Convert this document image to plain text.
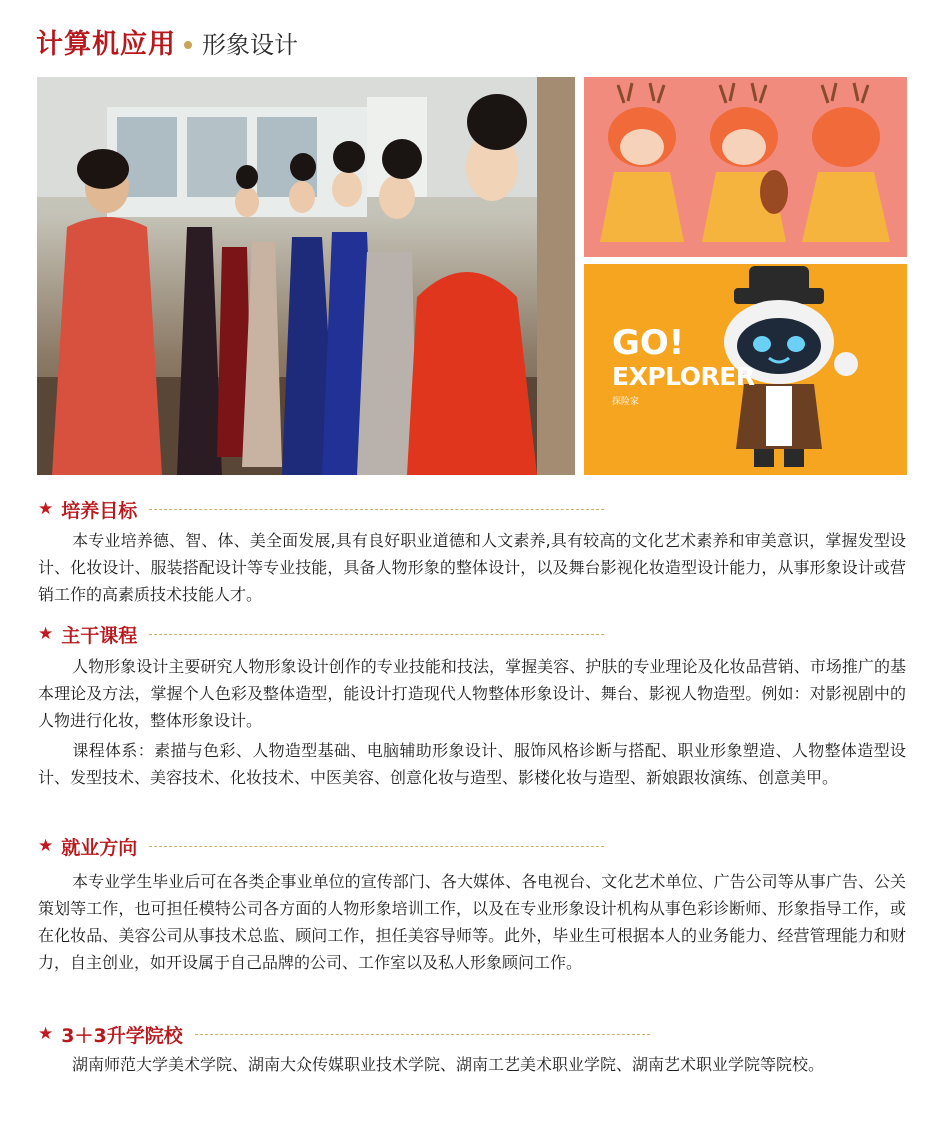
计算机应用 形象设计
GO!
EXPLORER
探险家
★ 培养目标

本专业培养德、智、体、美全面发展,具有良好职业道德和人文素养,具有较高的文化艺术素养和审美意识，掌握发型设计、化妆设计、服装搭配设计等专业技能，具备人物形象的整体设计，以及舞台影视化妆造型设计能力，从事形象设计或营销工作的高素质技术技能人才。

★ 主干课程

人物形象设计主要研究人物形象设计创作的专业技能和技法，掌握美容、护肤的专业理论及化妆品营销、市场推广的基本理论及方法，掌握个人色彩及整体造型，能设计打造现代人物整体形象设计、舞台、影视人物造型。例如：对影视剧中的人物进行化妆，整体形象设计。

课程体系：素描与色彩、人物造型基础、电脑辅助形象设计、服饰风格诊断与搭配、职业形象塑造、人物整体造型设计、发型技术、美容技术、化妆技术、中医美容、创意化妆与造型、影楼化妆与造型、新娘跟妆演练、创意美甲。

★ 就业方向

本专业学生毕业后可在各类企事业单位的宣传部门、各大媒体、各电视台、文化艺术单位、广告公司等从事广告、公关策划等工作，也可担任模特公司各方面的人物形象培训工作，以及在专业形象设计机构从事色彩诊断师、形象指导工作，或在化妆品、美容公司从事技术总监、顾问工作，担任美容导师等。此外，毕业生可根据本人的业务能力、经营管理能力和财力，自主创业，如开设属于自己品牌的公司、工作室以及私人形象顾问工作。

★ 3＋3升学院校

湖南师范大学美术学院、湖南大众传媒职业技术学院、湖南工艺美术职业学院、湖南艺术职业学院等院校。
